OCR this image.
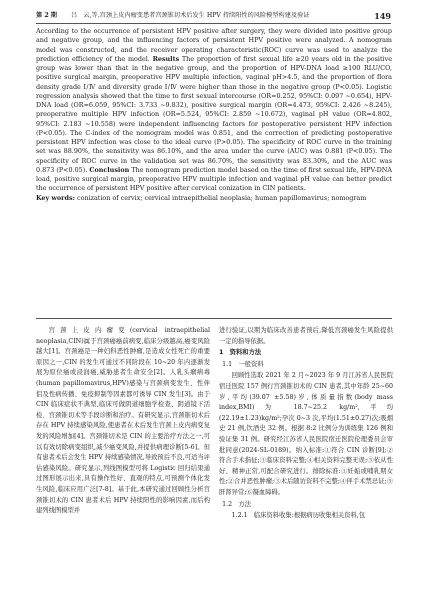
第 2 期 吕　云,等.宫颈上皮内瘤变患者宫颈锥切术后发生 HPV 持续阳性的风险模型构建及验证	149

According to the occurrence of persistent HPV positive after surgery, they were divided into positive group and negative group, and the influencing factors of persistent HPV positive were analyzed. A nomogram model was constructed, and the receiver operating characteristic(ROC) curve was used to analyze the prediction efficiency of the model. Results The proportion of first sexual life ≥20 years old in the positive group was lower than that in the negative group, and the proportion of HPV-DNA load ≥100 RLU/CO, positive surgical margin, preoperative HPV multiple infection, vaginal pH>4.5, and the proportion of flora density grade Ⅰ/Ⅳ and diversity grade Ⅰ/Ⅳ were higher than those in the negative group (P<0.05). Logistic regression analysis showed that the time to first sexual intercourse (OR=0.252, 95%CI: 0.097 ~0.654), HPV-DNA load (OR=6.059, 95%CI: 3.733 ~9.832), positive surgical margin (OR=4.473, 95%CI: 2.426 ~8.245), preoperative multiple HPV infection (OR=5.524, 95%CI: 2.859 ~10.672), vaginal pH value (OR=4.802, 95%CI: 2.183 ~10.558) were independent influencing factors for postoperative persistent HPV infection (P<0.05). The C-index of the nomogram model was 0.851, and the correction of predicting postoperative persistent HPV infection was close to the ideal curve (P>0.05). The specificity of ROC curve in the training set was 88.90%, the sensitivity was 86.10%, and the area under the curve (AUC) was 0.881 (P<0.05). The specificity of ROC curve in the validation set was 86.70%, the sensitivity was 83.30%, and the AUC was 0.873 (P<0.05). Conclusion The nomogram prediction model based on the time of first sexual life, HPV-DNA load, positive surgical margin, preoperative HPV multiple infection and vaginal pH value can better predict the occurrence of persistent HPV positive after cervical conization in CIN patients.

Key words: conization of cervix; cervical intraepithelial neoplasia; human papillomavirus; nomogram

宫颈上皮内瘤变(cervical intraepithelial neoplasia,CIN)属于宫颈癌癌前病变,临床分级越高,癌变风险越大[1]。宫颈癌是一种妇科恶性肿瘤,是造成女性死亡的重要原因之一,CIN 的发生可通过不同阶段在 10~20 年内逐渐发展为原位癌或浸润癌,威胁患者生命安全[2]。人乳头瘤病毒(human papillomavirus,HPV)感染与宫颈病变发生、性伴侣及性病传播、免疫抑制等因素都可诱导 CIN 发生[3]。由于 CIN 临床症状不典型,临床可做阴道细胞学检查、阴道镜下活检、宫颈锥切术等手段诊断和治疗。有研究显示,宫颈锥切术后存在 HPV 持续感染风险,使患者在术后发生宫颈上皮内病变复发的风险增加[4]。宫颈锥切术是 CIN 的主要治疗方法之一,可以有效切除病变组织,减少癌变风险,并提供病理诊断[5-6]。但有患者术后会发生 HPV 持续感染情况,导致预后不良,可适当评估感染风险。研究显示,列线图模型可将 Logistic 回归结果通过图形展示出来,具有操作性好、直观的特点,可预测个体化发生风险,临床应用广泛[7-8]。基于此,本研究通过回顾性分析宫颈锥切术的 CIN 患者术后 HPV 持续阳性的影响因素,而后构建列线图模型并

进行验证,以期为临床改善患者预后,降低宫颈癌发生风险提供一定的指导依据。

1　资料和方法
1.1　一般资料

回顾性选取 2021 年 2 月~2023 年 9 月江苏省人民医院宿迁医院 157 例行宫颈锥切术的 CIN 患者,其中年龄 25~60 岁,平均(39.07 ±5.58)岁,体质量指数(body mass index,BMI)为 18.7~25.2 kg/m²,平均(22.19±1.23)kg/m²;孕次 0~3 次,平均(1.51±0.27)次;吸烟史 21 例,饮酒史 32 例。根据 8:2 比例分为训练集 126 例和验证集 31 例。研究经江苏省人民医院宿迁医院伦理委员会审批同意(2024-SL-0189)。纳入标准:①符合 CIN 诊断[9];②符合手术指征;③临床资料完整;④相关资料完整无误;⑤依从性好、精神正常,可配合研究进行。排除标准:①妊娠或哺乳期女性;②合并恶性肿瘤;③术后随访资料不完整;④伴手术禁忌证;⑤肝肾异常;⑥凝血障碍。

1.2　方法

1.2.1　临床资料收集:根据病历收集相关资料,包
